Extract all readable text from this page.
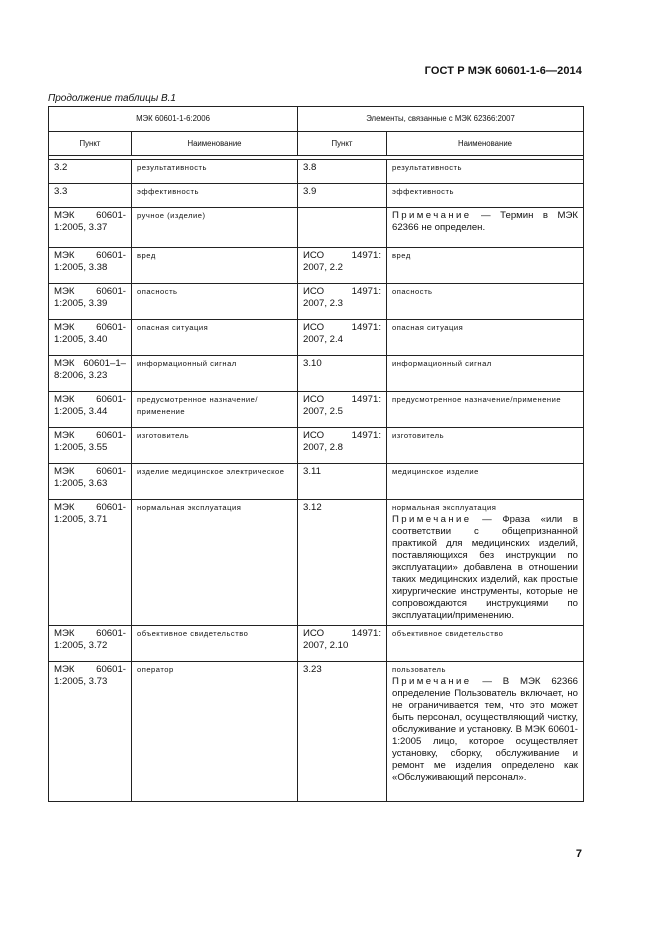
ГОСТ Р МЭК 60601-1-6—2014
Продолжение таблицы В.1
МЭК 60601-1-6:2006		Элементы, связанные с МЭК 62366:2007	
Пункт	Наименование	Пункт	Наименование

3.2	результативность	3.8	результативность
3.3	эффективность	3.9	эффективность
МЭК 60601-1:2005, 3.37	ручное (изделие)		Примечание — Термин в МЭК 62366 не определен.

МЭК 60601-1:2005, 3.38	вред	ИСО 14971: 2007, 2.2	вред
МЭК 60601-1:2005, 3.39	опасность	ИСО 14971: 2007, 2.3	опасность
МЭК 60601-1:2005, 3.40	опасная ситуация	ИСО 14971: 2007, 2.4	опасная ситуация
МЭК 60601–1–8:2006, 3.23	информационный сигнал	3.10	информационный сигнал
МЭК 60601-1:2005, 3.44	предусмотренное назначение/применение	ИСО 14971: 2007, 2.5	предусмотренное назначение/применение
МЭК 60601-1:2005, 3.55	изготовитель	ИСО 14971: 2007, 2.8	изготовитель
МЭК 60601-1:2005, 3.63	изделие медицинское электрическое	3.11	медицинское изделие
МЭК 60601-1:2005, 3.71	нормальная эксплуатация	3.12	нормальная эксплуатация
Примечание — Фраза «или в соответствии с общепризнанной практикой для медицинских изделий, поставляющихся без инструкции по эксплуатации» добавлена в отношении таких медицинских изделий, как простые хирургические инструменты, которые не сопровождаются инструкциями по эксплуатации/применению.

МЭК 60601-1:2005, 3.72	объективное свидетельство	ИСО 14971: 2007, 2.10	объективное свидетельство
МЭК 60601-1:2005, 3.73	оператор	3.23	пользователь
Примечание — В МЭК 62366 определение Пользователь включает, но не ограничивается тем, что это может быть персонал, осуществляющий чистку, обслуживание и установку. В МЭК 60601-1:2005 лицо, которое осуществляет установку, сборку, обслуживание и ремонт ме изделия определено как «Обслуживающий персонал».
7
